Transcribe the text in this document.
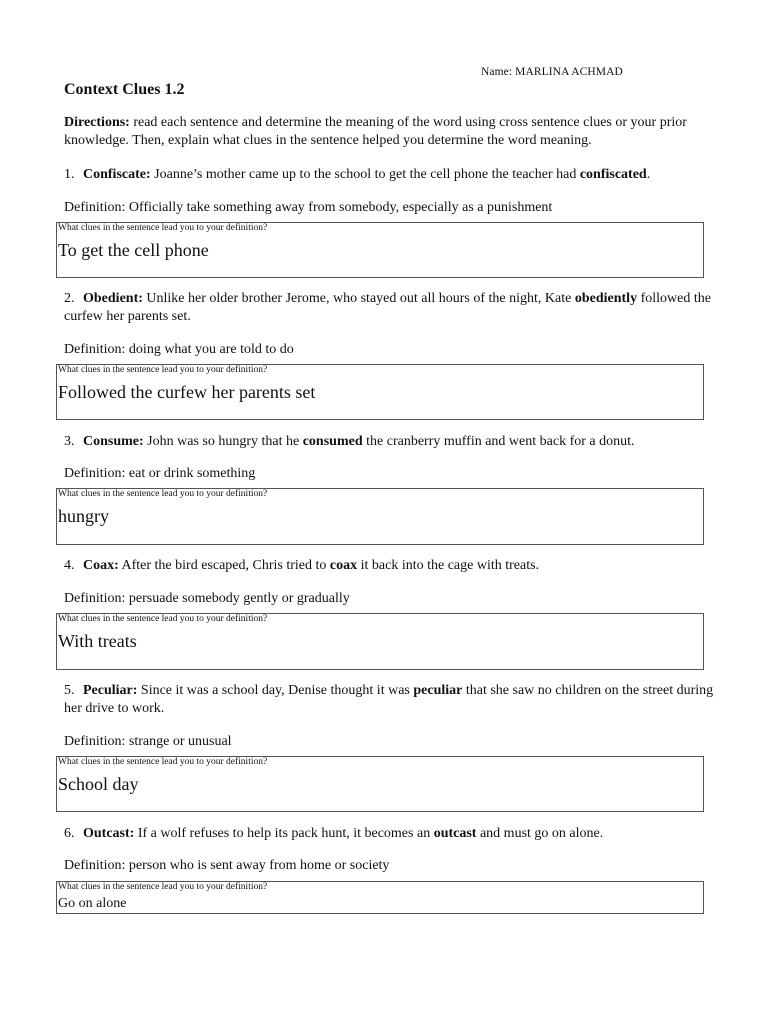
Name: MARLINA ACHMAD
Context Clues 1.2
Directions: read each sentence and determine the meaning of the word using cross sentence clues or your prior knowledge. Then, explain what clues in the sentence helped you determine the word meaning.
1. Confiscate: Joanne’s mother came up to the school to get the cell phone the teacher had confiscated.
Definition: Officially take something away from somebody, especially as a punishment
What clues in the sentence lead you to your definition?
To get the cell phone
2. Obedient: Unlike her older brother Jerome, who stayed out all hours of the night, Kate obediently followed the curfew her parents set.
Definition: doing what you are told to do
What clues in the sentence lead you to your definition?
Followed the curfew her parents set
3. Consume: John was so hungry that he consumed the cranberry muffin and went back for a donut.
Definition: eat or drink something
What clues in the sentence lead you to your definition?
hungry
4. Coax: After the bird escaped, Chris tried to coax it back into the cage with treats.
Definition: persuade somebody gently or gradually
What clues in the sentence lead you to your definition?
With treats
5. Peculiar: Since it was a school day, Denise thought it was peculiar that she saw no children on the street during her drive to work.
Definition: strange or unusual
What clues in the sentence lead you to your definition?
School day
6. Outcast: If a wolf refuses to help its pack hunt, it becomes an outcast and must go on alone.
Definition: person who is sent away from home or society
What clues in the sentence lead you to your definition?
Go on alone
